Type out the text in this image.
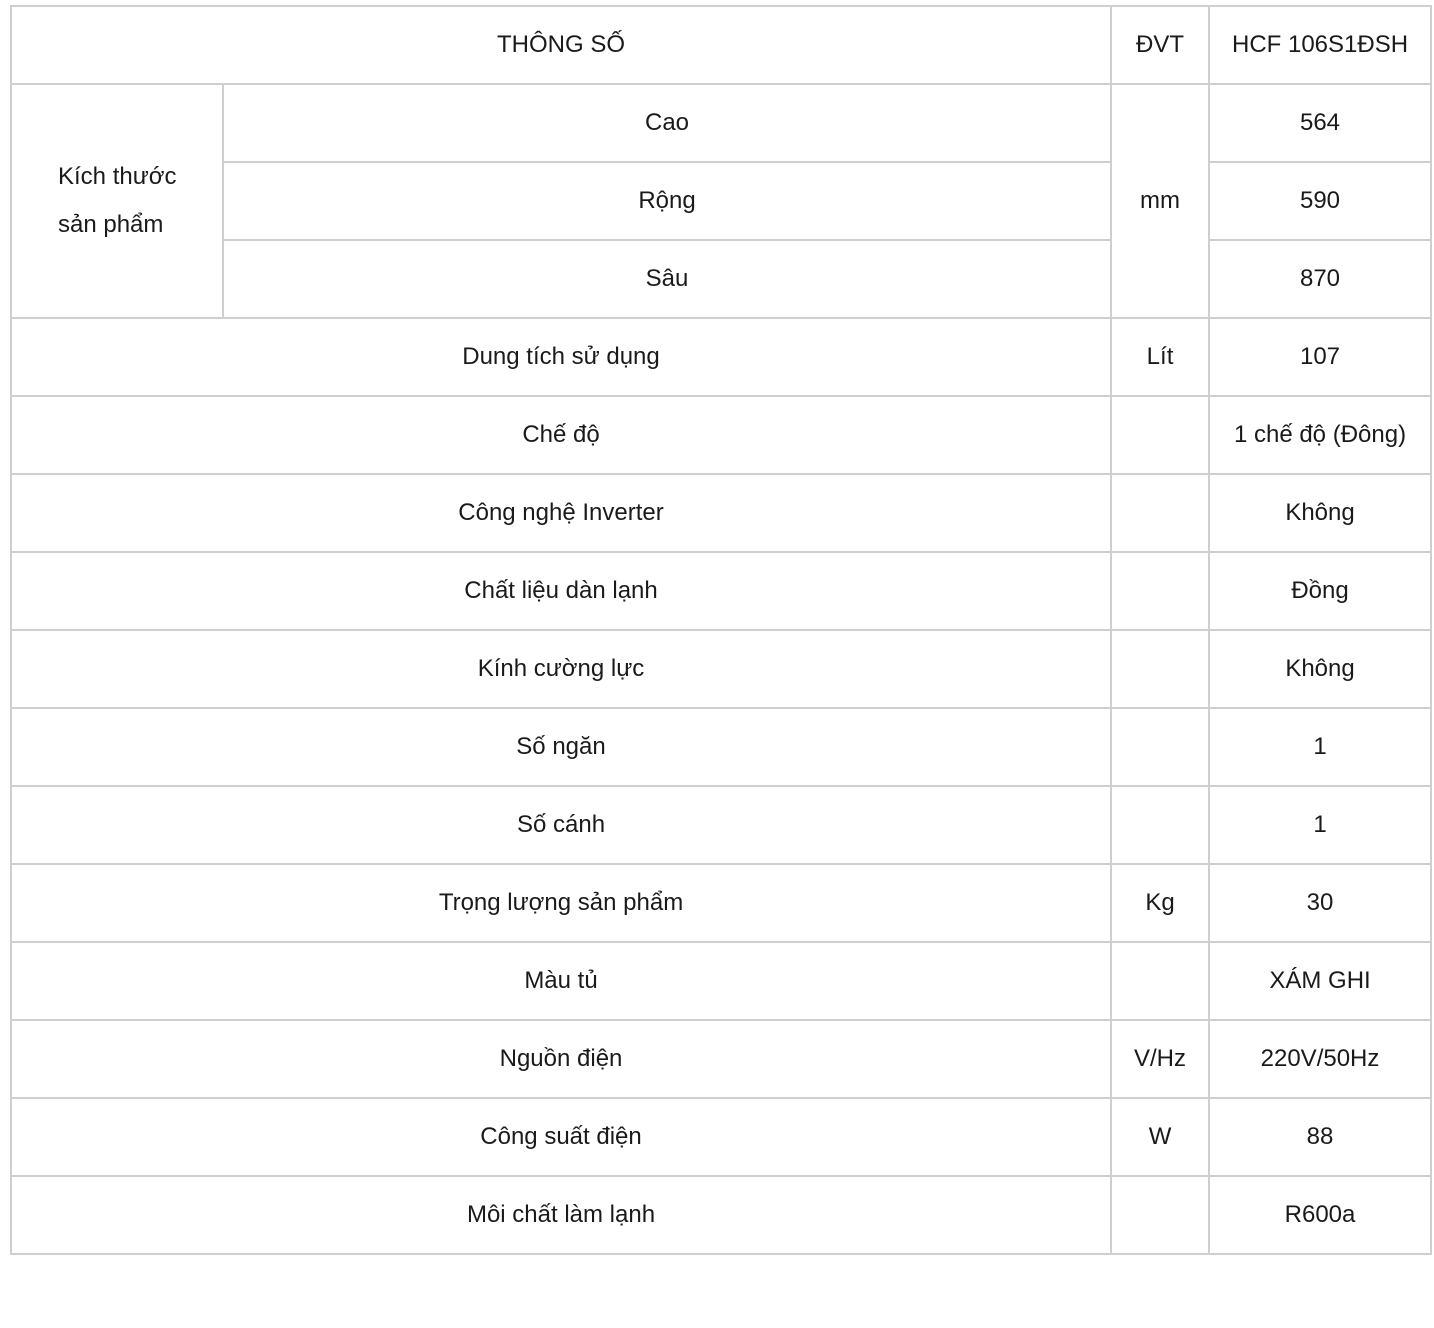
THÔNG SỐ		ĐVT	HCF 106S1ĐSH
Kích thước
sản phẩm	Cao	mm	564
	Rộng		590
	Sâu		870
Dung tích sử dụng		Lít	107
Chế độ			1 chế độ (Đông)
Công nghệ Inverter			Không
Chất liệu dàn lạnh			Đồng
Kính cường lực			Không
Số ngăn			1
Số cánh			1
Trọng lượng sản phẩm		Kg	30
Màu tủ			XÁM GHI
Nguồn điện		V/Hz	220V/50Hz
Công suất điện		W	88
Môi chất làm lạnh			R600a
